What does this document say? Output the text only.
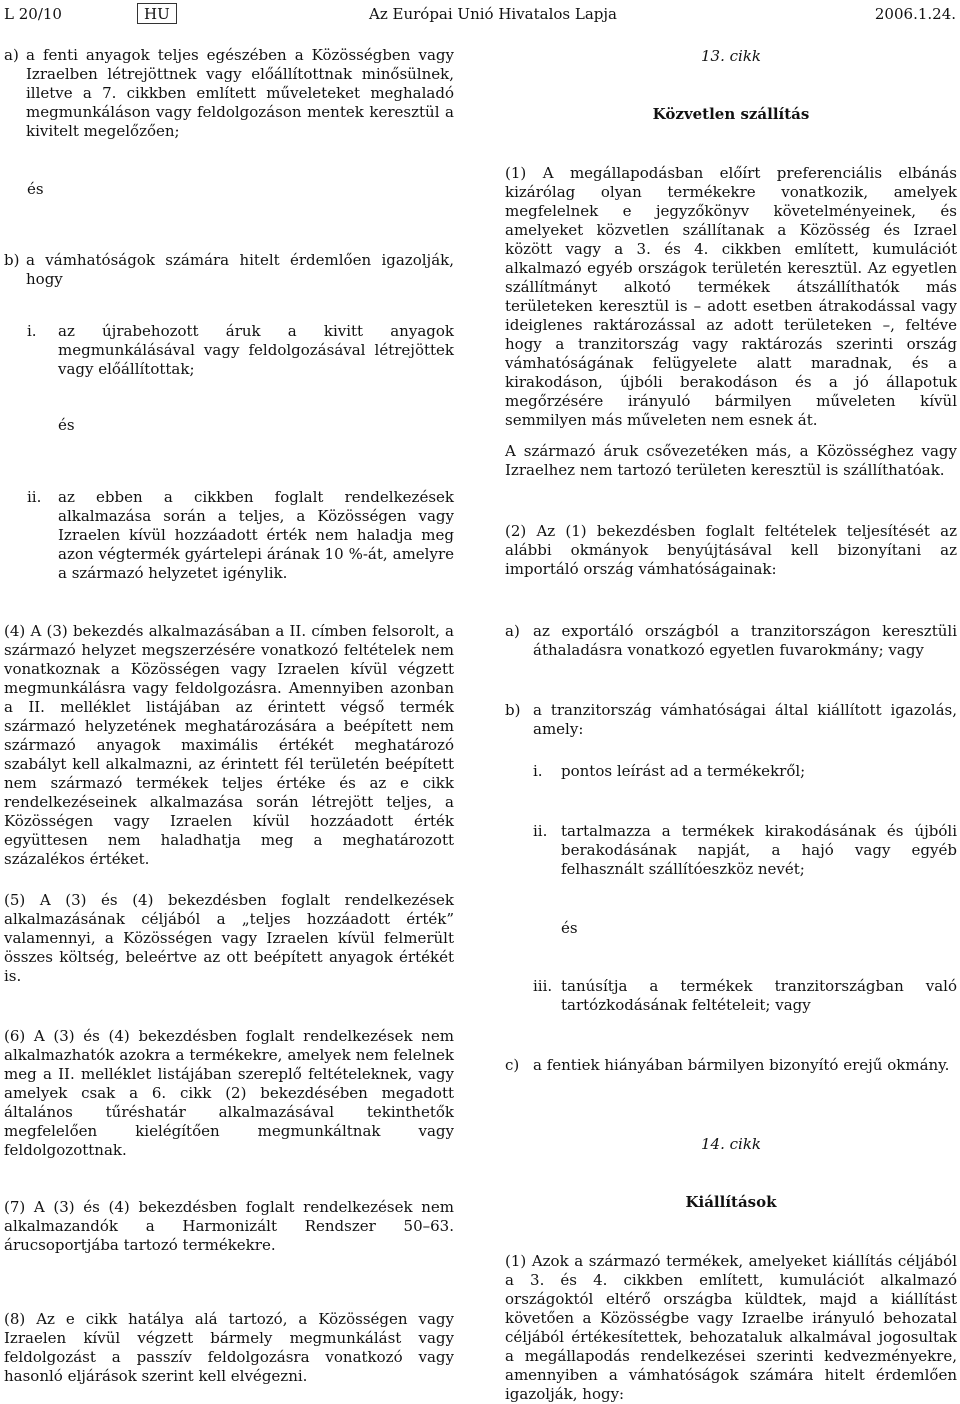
L 20/10	HU	Az Európai Unió Hivatalos Lapja	2006.1.24.
a) a fenti anyagok teljes egészében a Közösségben vagy Izraelben létrejöttnek vagy előállítottnak minősülnek, illetve a 7. cikkben említett műveleteket meghaladó megmunkáláson vagy feldolgozáson mentek keresztül a kivitelt megelőzően;

és

b) a vámhatóságok számára hitelt érdemlően igazolják, hogy

i.	az újrabehozott áruk a kivitt anyagok megmunkálásával vagy feldolgozásával létrejöttek vagy előállítottak;

és

ii.	az ebben a cikkben foglalt rendelkezések alkalmazása során a teljes, a Közösségen vagy Izraelen kívül hozzáadott érték nem haladja meg azon végtermék gyártelepi árának 10 %-át, amelyre a származó helyzetet igénylik.

13. cikk
Közvetlen szállítás

(1) A megállapodásban előírt preferenciális elbánás kizárólag olyan termékekre vonatkozik, amelyek megfelelnek e jegyzőkönyv követelményeinek, és amelyeket közvetlen szállítanak a Közösség és Izrael között vagy a 3. és 4. cikkben említett, kumulációt alkalmazó egyéb országok területén keresztül. Az egyetlen szállítmányt alkotó termékek átszállíthatók más területeken keresztül is – adott esetben átrakodással vagy ideiglenes raktározással az adott területeken –, feltéve hogy a tranzitország vagy raktározás szerinti ország vámhatóságának felügyelete alatt maradnak, és a kirakodáson, újbóli berakodáson és a jó állapotuk megőrzésére irányuló bármilyen műveleten kívül semmilyen más műveleten nem esnek át.

A származó áruk csővezetéken más, a Közösséghez vagy Izraelhez nem tartozó területen keresztül is szállíthatóak.

(2) Az (1) bekezdésben foglalt feltételek teljesítését az alábbi okmányok benyújtásával kell bizonyítani az importáló ország vámhatóságainak:

(4) A (3) bekezdés alkalmazásában a II. címben felsorolt, a származó helyzet megszerzésére vonatkozó feltételek nem vonatkoznak a Közösségen vagy Izraelen kívül végzett megmunkálásra vagy feldolgozásra. Amennyiben azonban a II. melléklet listájában az érintett végső termék származó helyzetének meghatározására a beépített nem származó anyagok maximális értékét meghatározó szabályt kell alkalmazni, az érintett fél területén beépített nem származó termékek teljes értéke és az e cikk rendelkezéseinek alkalmazása során létrejött teljes, a Közösségen vagy Izraelen kívül hozzáadott érték együttesen nem haladhatja meg a meghatározott százalékos értéket.

(5) A (3) és (4) bekezdésben foglalt rendelkezések alkalmazásának céljából a „teljes hozzáadott érték” valamennyi, a Közösségen vagy Izraelen kívül felmerült összes költség, beleértve az ott beépített anyagok értékét is.

(6) A (3) és (4) bekezdésben foglalt rendelkezések nem alkalmazhatók azokra a termékekre, amelyek nem felelnek meg a II. melléklet listájában szereplő feltételeknek, vagy amelyek csak a 6. cikk (2) bekezdésében megadott általános tűréshatár alkalmazásával tekinthetők megfelelően kielégítően megmunkáltnak vagy feldolgozottnak.

(7) A (3) és (4) bekezdésben foglalt rendelkezések nem alkalmazandók a Harmonizált Rendszer 50–63. árucsoportjába tartozó termékekre.

(8) Az e cikk hatálya alá tartozó, a Közösségen vagy Izraelen kívül végzett bármely megmunkálást vagy feldolgozást a passzív feldolgozásra vonatkozó vagy hasonló eljárások szerint kell elvégezni.

a) az exportáló országból a tranzitországon keresztüli áthaladásra vonatkozó egyetlen fuvarokmány; vagy

b) a tranzitország vámhatóságai által kiállított igazolás, amely:

i.	pontos leírást ad a termékekről;

ii. tartalmazza a termékek kirakodásának és újbóli berakodásának napját, a hajó vagy egyéb felhasznált szállítóeszköz nevét;

és

iii. tanúsítja a termékek tranzitországban való tartózkodásának feltételeit; vagy

c) a fentiek hiányában bármilyen bizonyító erejű okmány.

14. cikk
Kiállítások

(1) Azok a származó termékek, amelyeket kiállítás céljából a 3. és 4. cikkben említett, kumulációt alkalmazó országoktól eltérő országba küldtek, majd a kiállítást követően a Közösségbe vagy Izraelbe irányuló behozatal céljából értékesítettek, behozataluk alkalmával jogosultak a megállapodás rendelkezései szerinti kedvezményekre, amennyiben a vámhatóságok számára hitelt érdemlően igazolják, hogy:
